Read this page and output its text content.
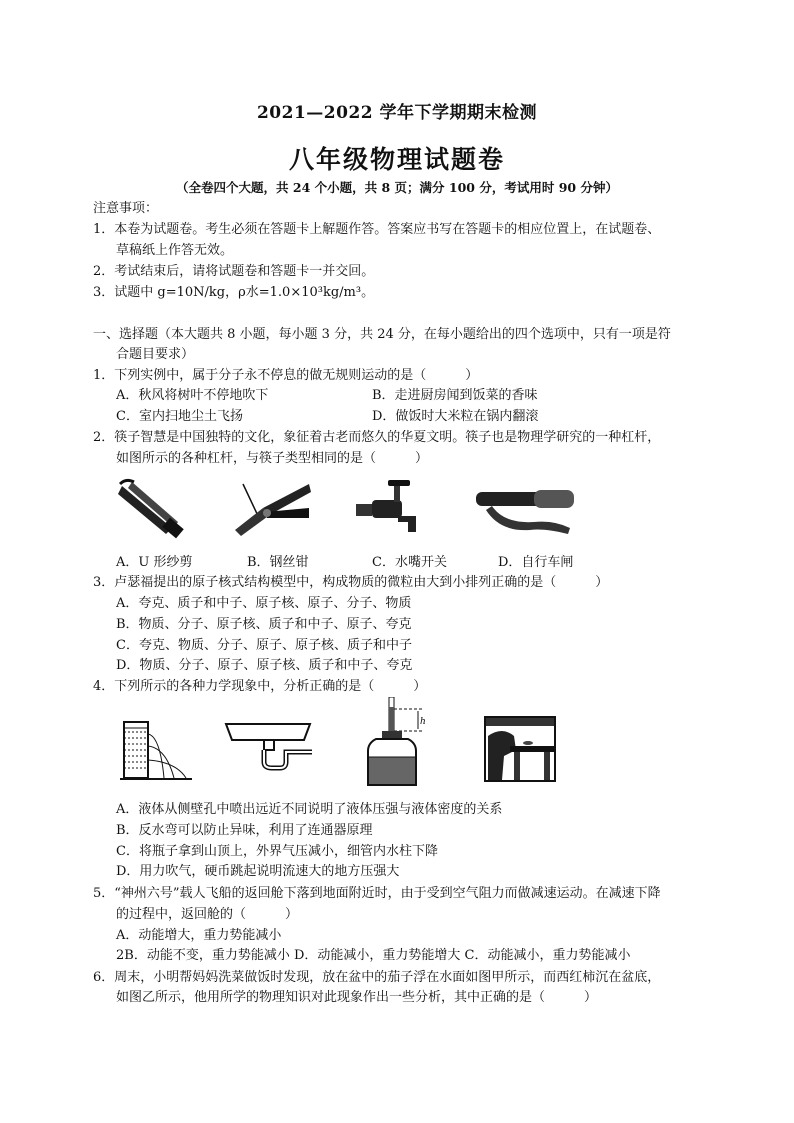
2021—2022 学年下学期期末检测
八年级物理试题卷
（全卷四个大题，共 24 个小题，共 8 页；满分 100 分，考试用时 90 分钟）
注意事项：
1．本卷为试题卷。考生必须在答题卡上解题作答。答案应书写在答题卡的相应位置上，在试题卷、
草稿纸上作答无效。
2．考试结束后，请将试题卷和答题卡一并交回。
3．试题中 g=10N/kg，ρ水=1.0×10³kg/m³。
一、选择题（本大题共 8 小题，每小题 3 分，共 24 分，在每小题给出的四个选项中，只有一项是符
合题目要求）
1．下列实例中，属于分子永不停息的做无规则运动的是（　　　）
A．秋风将树叶不停地吹下	B．走进厨房闻到饭菜的香味
C．室内扫地尘土飞扬	D．做饭时大米粒在锅内翻滚
2．筷子智慧是中国独特的文化，象征着古老而悠久的华夏文明。筷子也是物理学研究的一种杠杆，
如图所示的各种杠杆，与筷子类型相同的是（　　　）
A．U 形纱剪	B．钢丝钳	C．水嘴开关	D．自行车闸
3．卢瑟福提出的原子核式结构模型中，构成物质的微粒由大到小排列正确的是（　　　）
A．夸克、质子和中子、原子核、原子、分子、物质
B．物质、分子、原子核、质子和中子、原子、夸克
C．夸克、物质、分子、原子、原子核、质子和中子
D．物质、分子、原子、原子核、质子和中子、夸克
4．下列所示的各种力学现象中，分析正确的是（　　　）
h
A．液体从侧壁孔中喷出远近不同说明了液体压强与液体密度的关系
B．反水弯可以防止异味，利用了连通器原理
C．将瓶子拿到山顶上，外界气压减小，细管内水柱下降
D．用力吹气，硬币跳起说明流速大的地方压强大
5．“神州六号”载人飞船的返回舱下落到地面附近时，由于受到空气阻力而做减速运动。在减速下降
的过程中，返回舱的（　　　）
A．动能增大，重力势能减小
2B．动能不变，重力势能减小 D．动能减小，重力势能增大 C．动能减小，重力势能减小
6．周末，小明帮妈妈洗菜做饭时发现，放在盆中的茄子浮在水面如图甲所示，而西红柿沉在盆底，
如图乙所示，他用所学的物理知识对此现象作出一些分析，其中正确的是（　　　）
